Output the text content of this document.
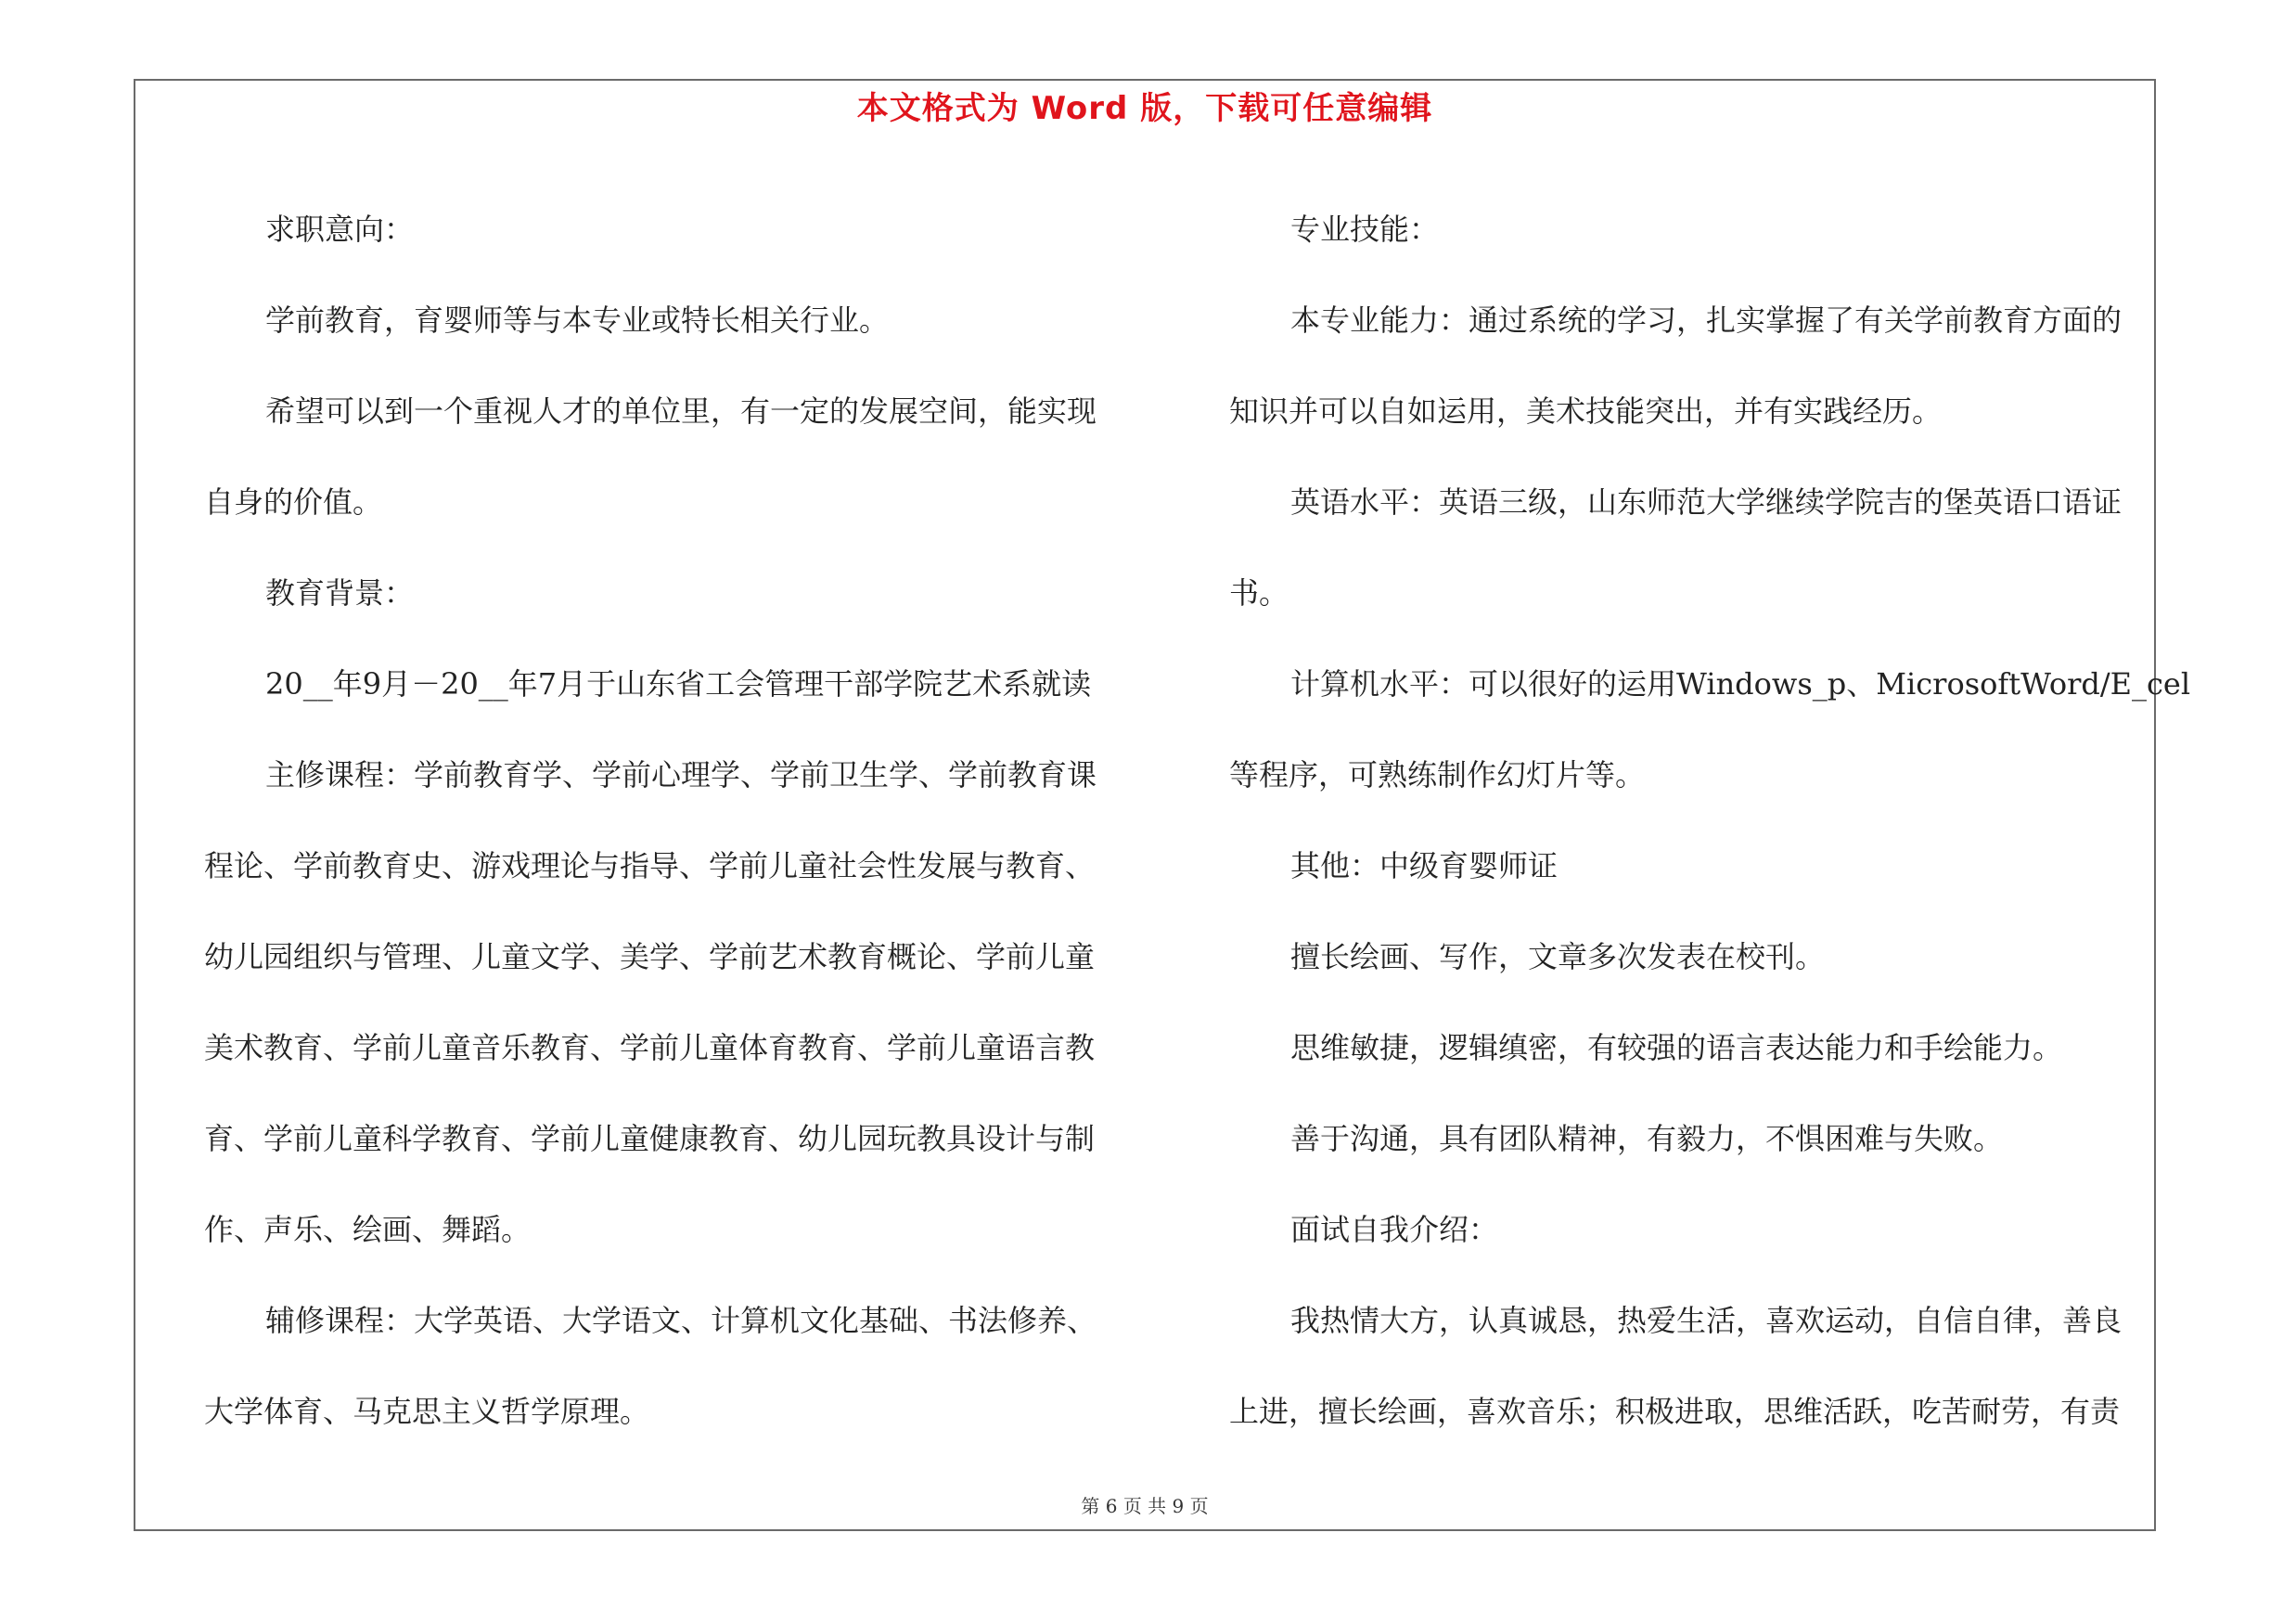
本文格式为 Word 版，下载可任意编辑
求职意向：
学前教育，育婴师等与本专业或特长相关行业。
希望可以到一个重视人才的单位里，有一定的发展空间，能实现
自身的价值。
教育背景：
20__年9月－20__年7月于山东省工会管理干部学院艺术系就读
主修课程：学前教育学、学前心理学、学前卫生学、学前教育课
程论、学前教育史、游戏理论与指导、学前儿童社会性发展与教育、
幼儿园组织与管理、儿童文学、美学、学前艺术教育概论、学前儿童
美术教育、学前儿童音乐教育、学前儿童体育教育、学前儿童语言教
育、学前儿童科学教育、学前儿童健康教育、幼儿园玩教具设计与制
作、声乐、绘画、舞蹈。
辅修课程：大学英语、大学语文、计算机文化基础、书法修养、
大学体育、马克思主义哲学原理。
专业技能：
本专业能力：通过系统的学习，扎实掌握了有关学前教育方面的
知识并可以自如运用，美术技能突出，并有实践经历。
英语水平：英语三级，山东师范大学继续学院吉的堡英语口语证
书。
计算机水平：可以很好的运用Windows_p、MicrosoftWord/E_cel
等程序，可熟练制作幻灯片等。
其他：中级育婴师证
擅长绘画、写作，文章多次发表在校刊。
思维敏捷，逻辑缜密，有较强的语言表达能力和手绘能力。
善于沟通，具有团队精神，有毅力，不惧困难与失败。
面试自我介绍：
我热情大方，认真诚恳，热爱生活，喜欢运动，自信自律，善良
上进，擅长绘画，喜欢音乐；积极进取，思维活跃，吃苦耐劳，有责
第 6 页 共 9 页
